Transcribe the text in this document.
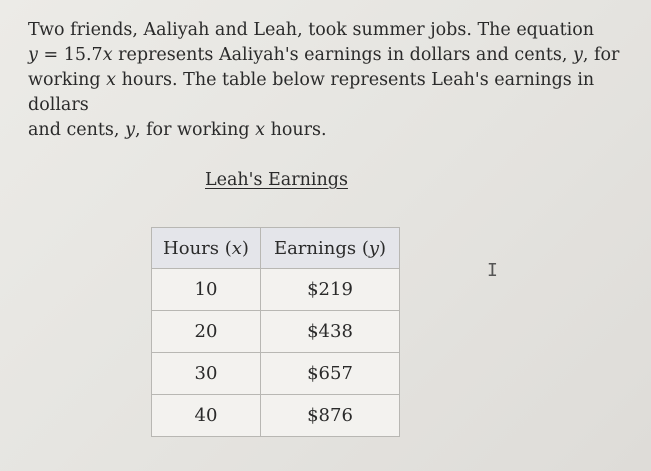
Two friends, Aaliyah and Leah, took summer jobs. The equation
y = 15.7x represents Aaliyah's earnings in dollars and cents, y, for
working x hours. The table below represents Leah's earnings in dollars
and cents, y, for working x hours.

Leah's Earnings
Hours (x)	Earnings (y)
10	$219
20	$438
30	$657
40	$876
I
